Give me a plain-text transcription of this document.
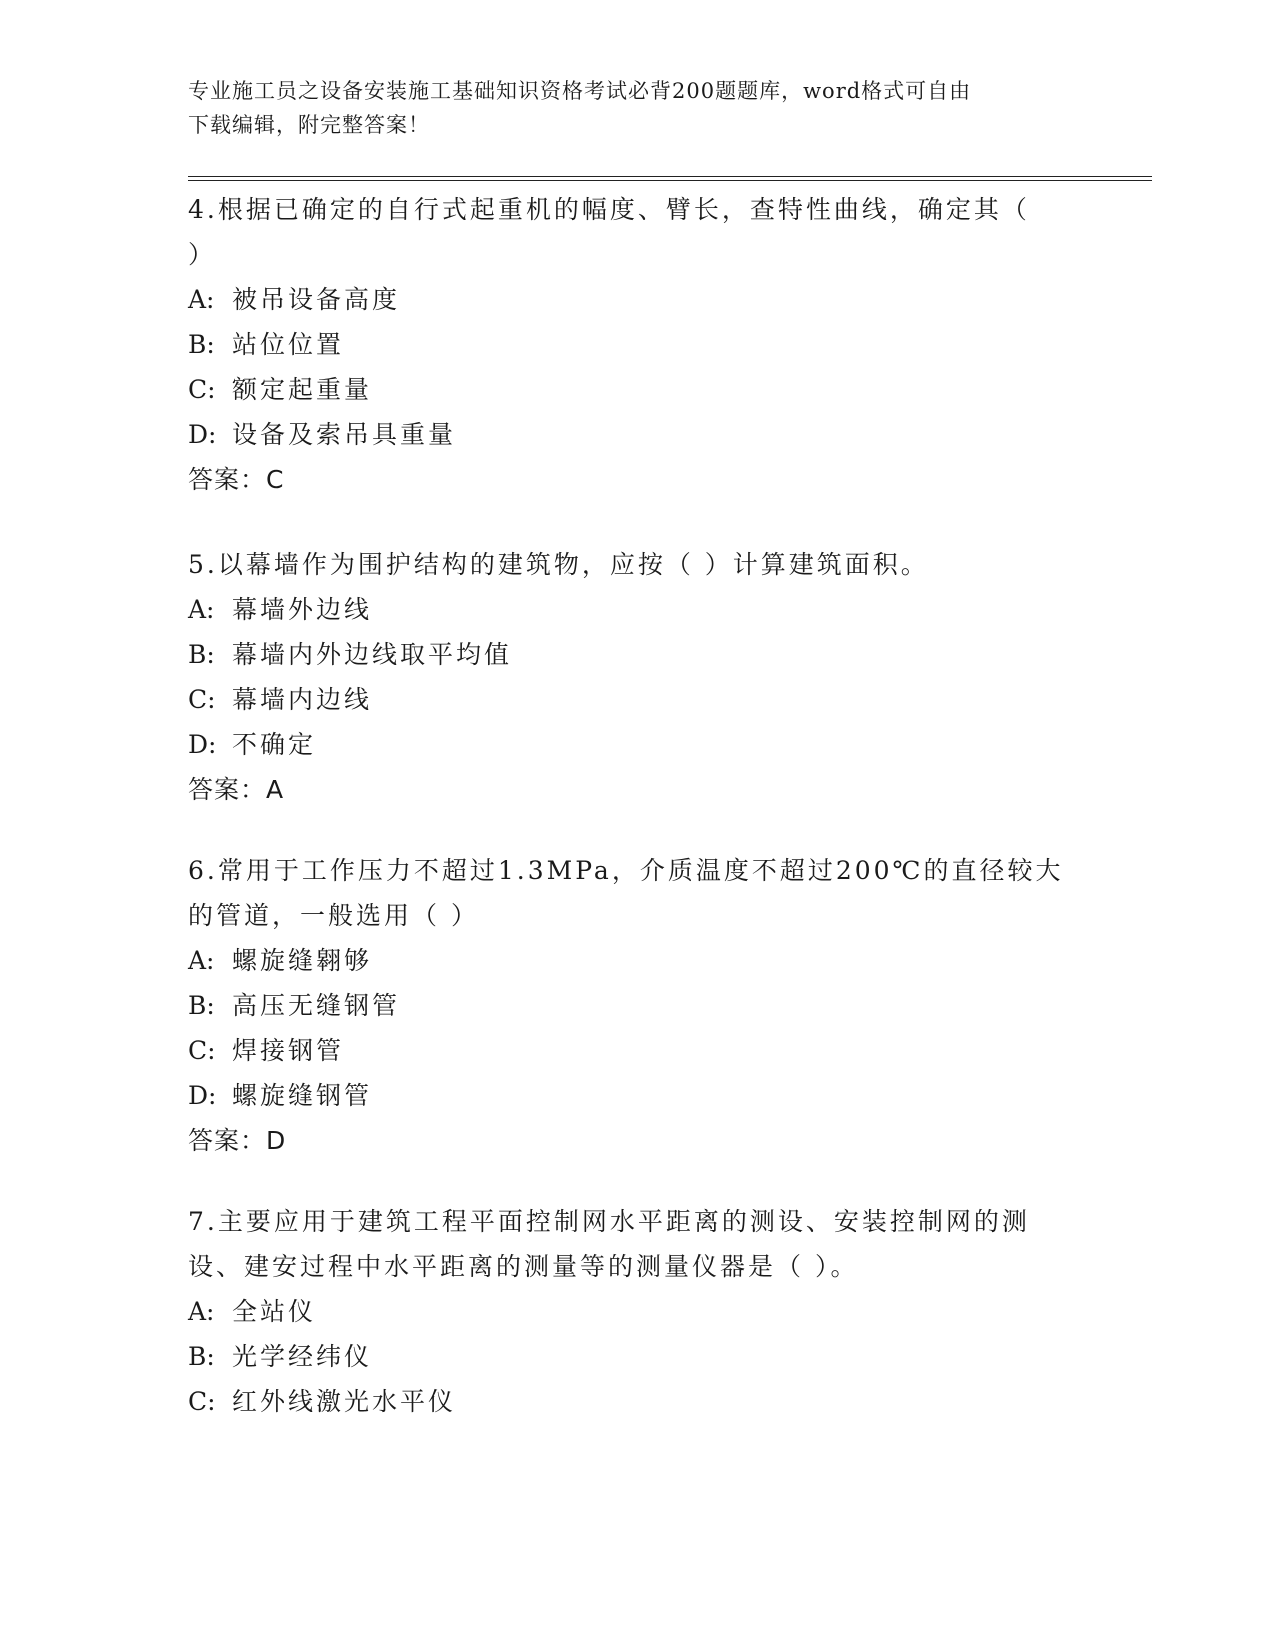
专业施工员之设备安装施工基础知识资格考试必背200题题库，word格式可自由
下载编辑，附完整答案！
4.根据已确定的自行式起重机的幅度、臂长，查特性曲线，确定其（
）
A: 被吊设备高度
B: 站位位置
C: 额定起重量
D: 设备及索吊具重量
答案：C
5.以幕墙作为围护结构的建筑物，应按（ ）计算建筑面积。
A: 幕墙外边线
B: 幕墙内外边线取平均值
C: 幕墙内边线
D: 不确定
答案：A
6.常用于工作压力不超过1.3MPa，介质温度不超过200℃的直径较大
的管道，一般选用（ ）
A: 螺旋缝翱够
B: 高压无缝钢管
C: 焊接钢管
D: 螺旋缝钢管
答案：D
7.主要应用于建筑工程平面控制网水平距离的测设、安装控制网的测
设、建安过程中水平距离的测量等的测量仪器是（ ）。
A: 全站仪
B: 光学经纬仪
C: 红外线激光水平仪
